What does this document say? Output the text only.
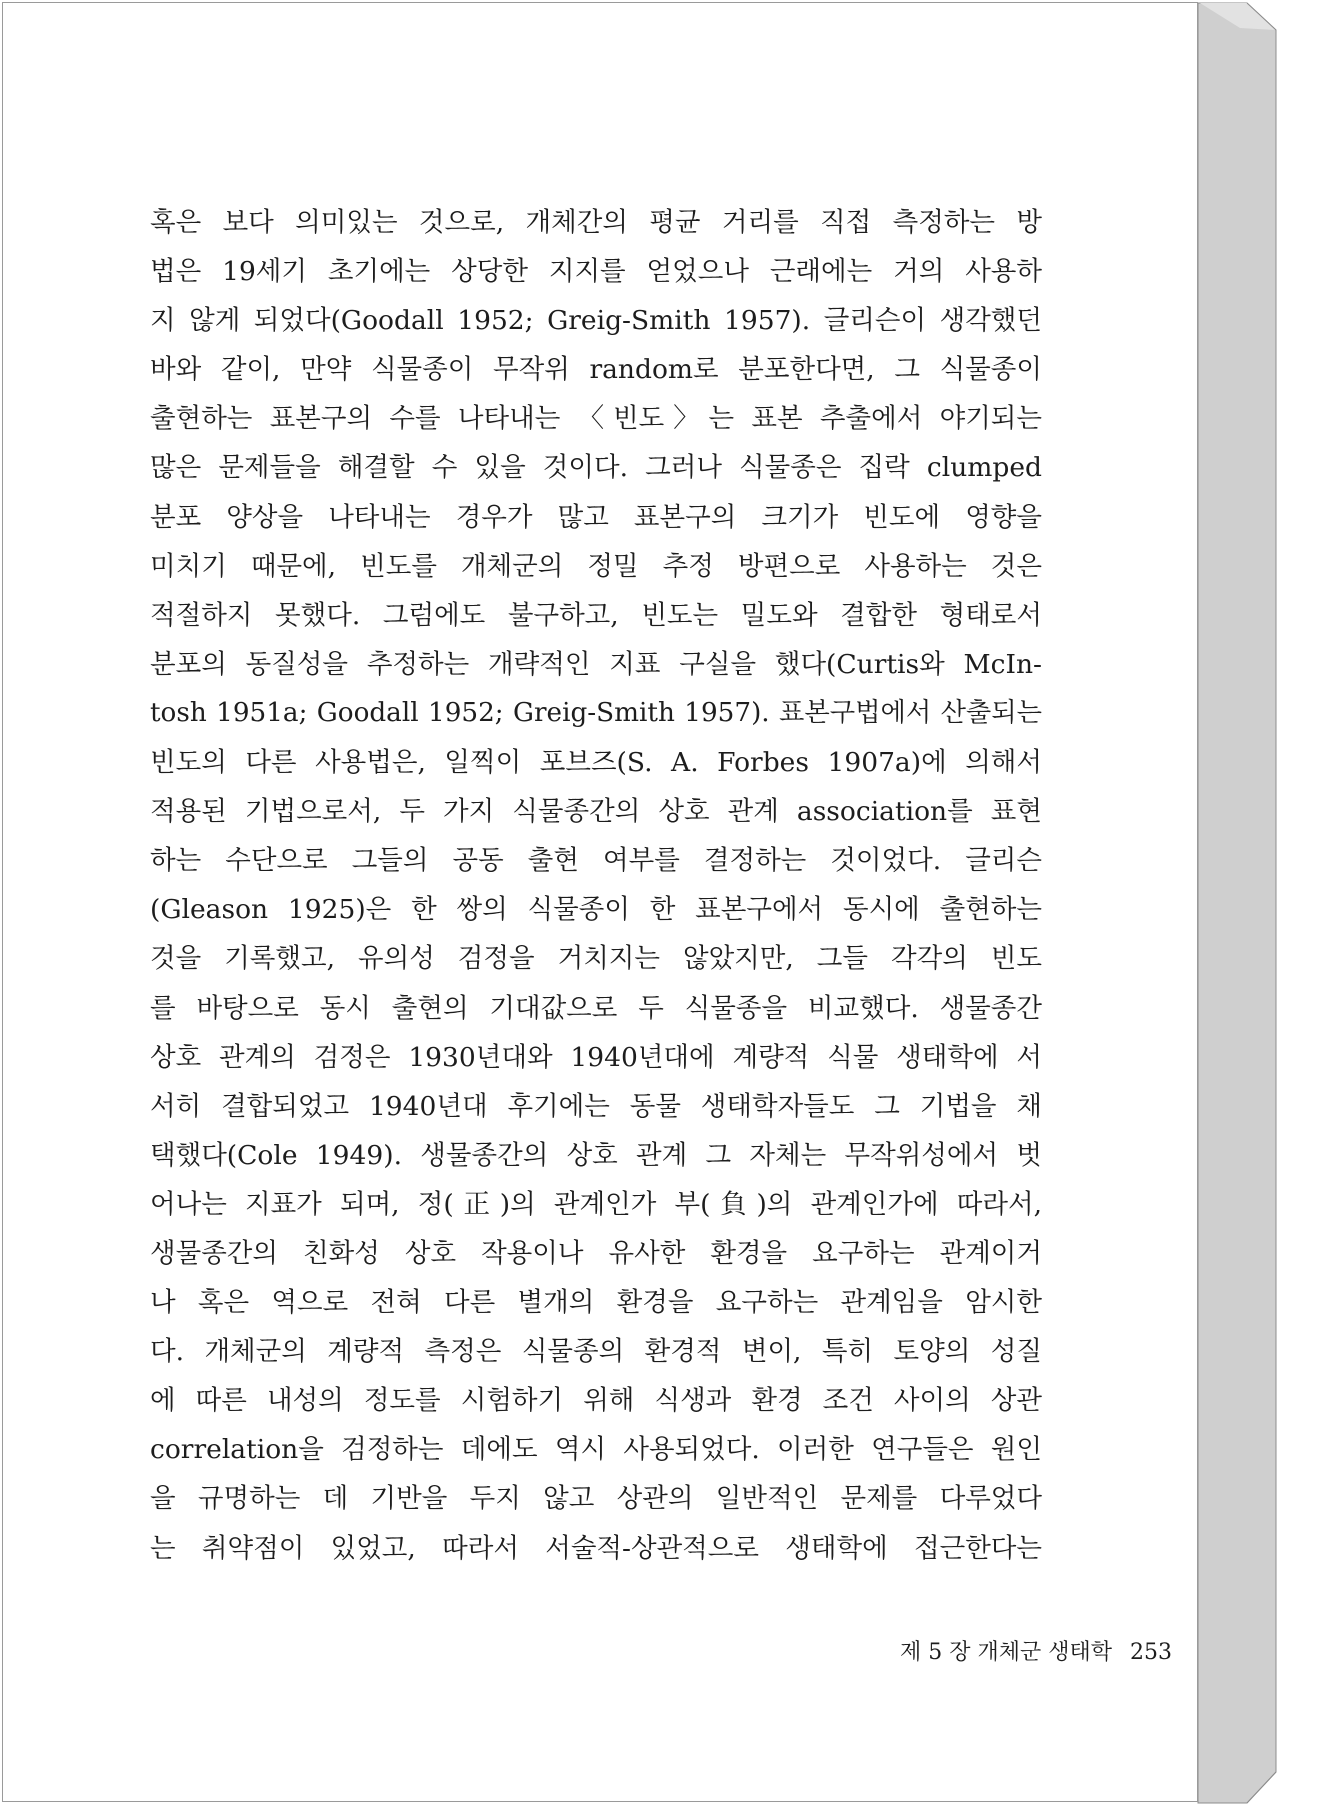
혹은 보다 의미있는 것으로, 개체간의 평균 거리를 직접 측정하는 방
법은 19세기 초기에는 상당한 지지를 얻었으나 근래에는 거의 사용하
지 않게 되었다(Goodall 1952; Greig-Smith 1957). 글리슨이 생각했던
바와 같이, 만약 식물종이 무작위 random로 분포한다면, 그 식물종이
출현하는 표본구의 수를 나타내는 〈빈도〉는 표본 추출에서 야기되는
많은 문제들을 해결할 수 있을 것이다. 그러나 식물종은 집락 clumped
분포 양상을 나타내는 경우가 많고 표본구의 크기가 빈도에 영향을
미치기 때문에, 빈도를 개체군의 정밀 추정 방편으로 사용하는 것은
적절하지 못했다. 그럼에도 불구하고, 빈도는 밀도와 결합한 형태로서
분포의 동질성을 추정하는 개략적인 지표 구실을 했다(Curtis와 McIn-
tosh 1951a; Goodall 1952; Greig-Smith 1957). 표본구법에서 산출되는
빈도의 다른 사용법은, 일찍이 포브즈(S. A. Forbes 1907a)에 의해서
적용된 기법으로서, 두 가지 식물종간의 상호 관계 association를 표현
하는 수단으로 그들의 공동 출현 여부를 결정하는 것이었다. 글리슨
(Gleason 1925)은 한 쌍의 식물종이 한 표본구에서 동시에 출현하는
것을 기록했고, 유의성 검정을 거치지는 않았지만, 그들 각각의 빈도
를 바탕으로 동시 출현의 기대값으로 두 식물종을 비교했다. 생물종간
상호 관계의 검정은 1930년대와 1940년대에 계량적 식물 생태학에 서
서히 결합되었고 1940년대 후기에는 동물 생태학자들도 그 기법을 채
택했다(Cole 1949). 생물종간의 상호 관계 그 자체는 무작위성에서 벗
어나는 지표가 되며, 정(正)의 관계인가 부(負)의 관계인가에 따라서,
생물종간의 친화성 상호 작용이나 유사한 환경을 요구하는 관계이거
나 혹은 역으로 전혀 다른 별개의 환경을 요구하는 관계임을 암시한
다. 개체군의 계량적 측정은 식물종의 환경적 변이, 특히 토양의 성질
에 따른 내성의 정도를 시험하기 위해 식생과 환경 조건 사이의 상관
correlation을 검정하는 데에도 역시 사용되었다. 이러한 연구들은 원인
을 규명하는 데 기반을 두지 않고 상관의 일반적인 문제를 다루었다
는 취약점이 있었고, 따라서 서술적-상관적으로 생태학에 접근한다는
제 5 장 개체군 생태학 253
